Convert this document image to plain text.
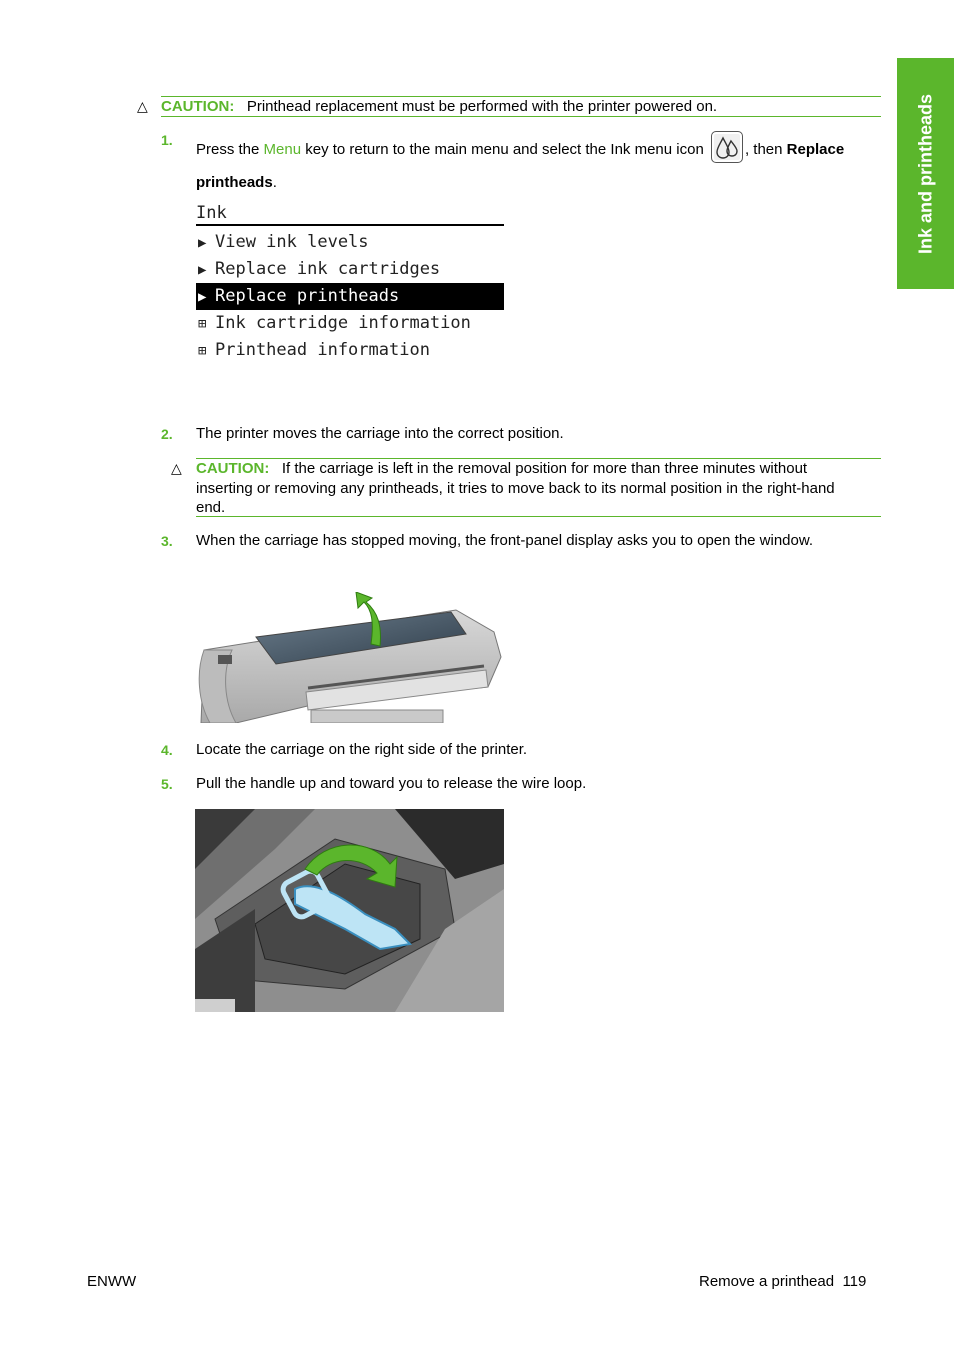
Ink and printheads
△ CAUTION: Printhead replacement must be performed with the printer powered on.
1.
Press the Menu key to return to the main menu and select the Ink menu icon , then Replace
printheads.
Ink
▶ View ink levels
▶ Replace ink cartridges
▶ Replace printheads
⊞ Ink cartridge information
⊞ Printhead information
2. The printer moves the carriage into the correct position.
△ CAUTION: If the carriage is left in the removal position for more than three minutes without
inserting or removing any printheads, it tries to move back to its normal position in the right-hand
end.
3. When the carriage has stopped moving, the front-panel display asks you to open the window.
4. Locate the carriage on the right side of the printer.
5. Pull the handle up and toward you to release the wire loop.
ENWW	Remove a printhead 119
